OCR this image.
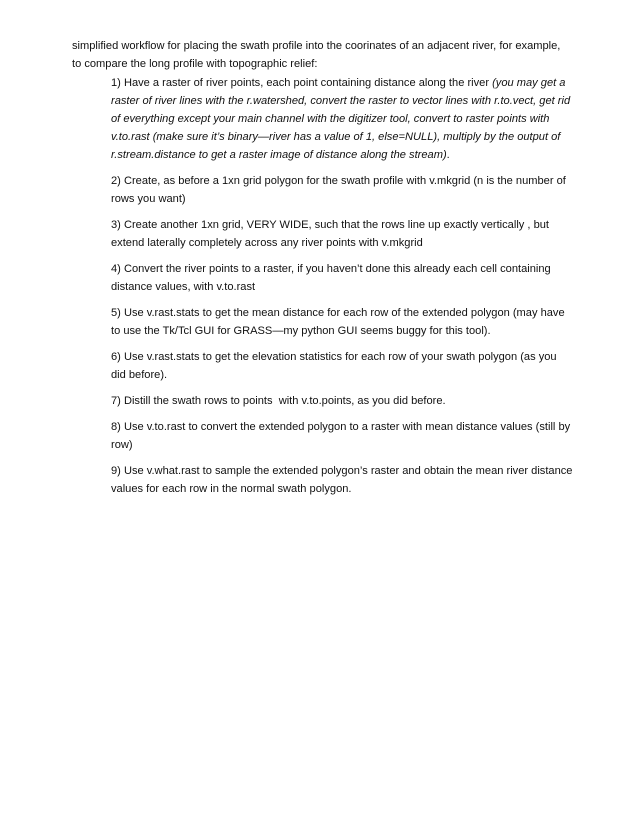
simplified workflow for placing the swath profile into the coorinates of an adjacent river, for example, to compare the long profile with topographic relief:

1) Have a raster of river points, each point containing distance along the river (you may get a raster of river lines with the r.watershed, convert the raster to vector lines with r.to.vect, get rid of everything except your main channel with the digitizer tool, convert to raster points with v.to.rast (make sure it’s binary—river has a value of 1, else=NULL), multiply by the output of r.stream.distance to get a raster image of distance along the stream).
2) Create, as before a 1xn grid polygon for the swath profile with v.mkgrid (n is the number of rows you want)
3) Create another 1xn grid, VERY WIDE, such that the rows line up exactly vertically , but extend laterally completely across any river points with v.mkgrid
4) Convert the river points to a raster, if you haven’t done this already each cell containing distance values, with v.to.rast
5) Use v.rast.stats to get the mean distance for each row of the extended polygon (may have to use the Tk/Tcl GUI for GRASS—my python GUI seems buggy for this tool).
6) Use v.rast.stats to get the elevation statistics for each row of your swath polygon (as you did before).
7) Distill the swath rows to points  with v.to.points, as you did before.
8) Use v.to.rast to convert the extended polygon to a raster with mean distance values (still by row)
9) Use v.what.rast to sample the extended polygon’s raster and obtain the mean river distance values for each row in the normal swath polygon.
